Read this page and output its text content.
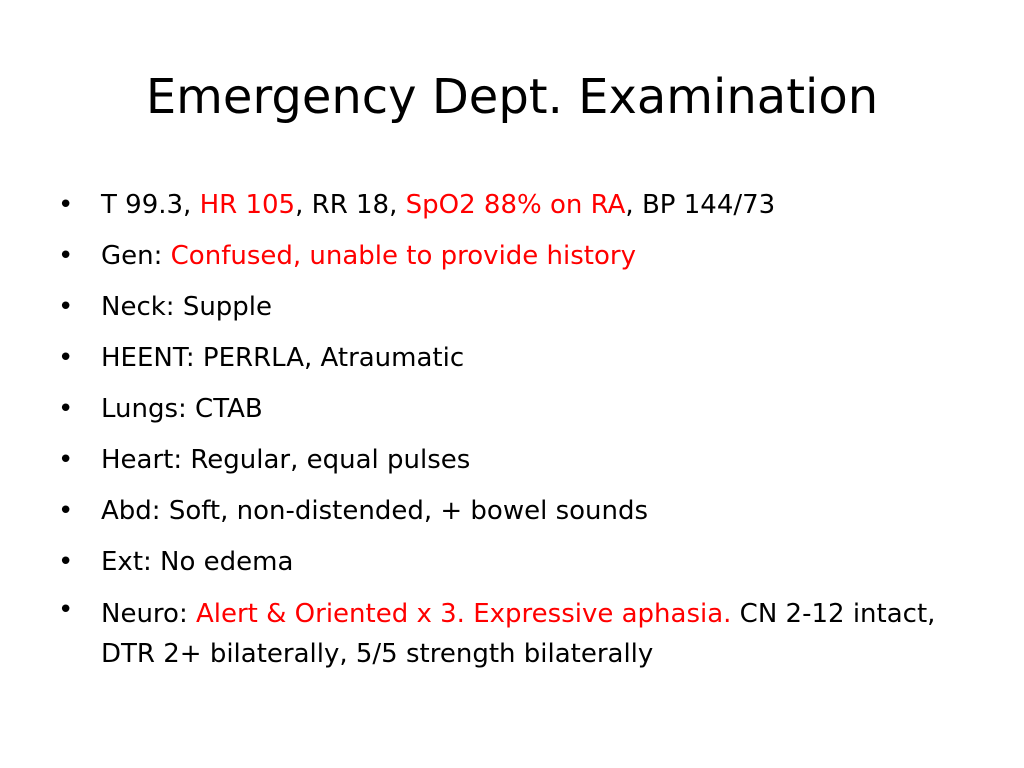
Emergency Dept. Examination
• T 99.3, HR 105, RR 18, SpO2 88% on RA, BP 144/73
• Gen: Confused, unable to provide history
• Neck: Supple
• HEENT: PERRLA, Atraumatic
• Lungs: CTAB
• Heart: Regular, equal pulses
• Abd: Soft, non-distended, + bowel sounds
• Ext: No edema
• Neuro: Alert & Oriented x 3. Expressive aphasia. CN 2-12 intact, DTR 2+ bilaterally, 5/5 strength bilaterally
